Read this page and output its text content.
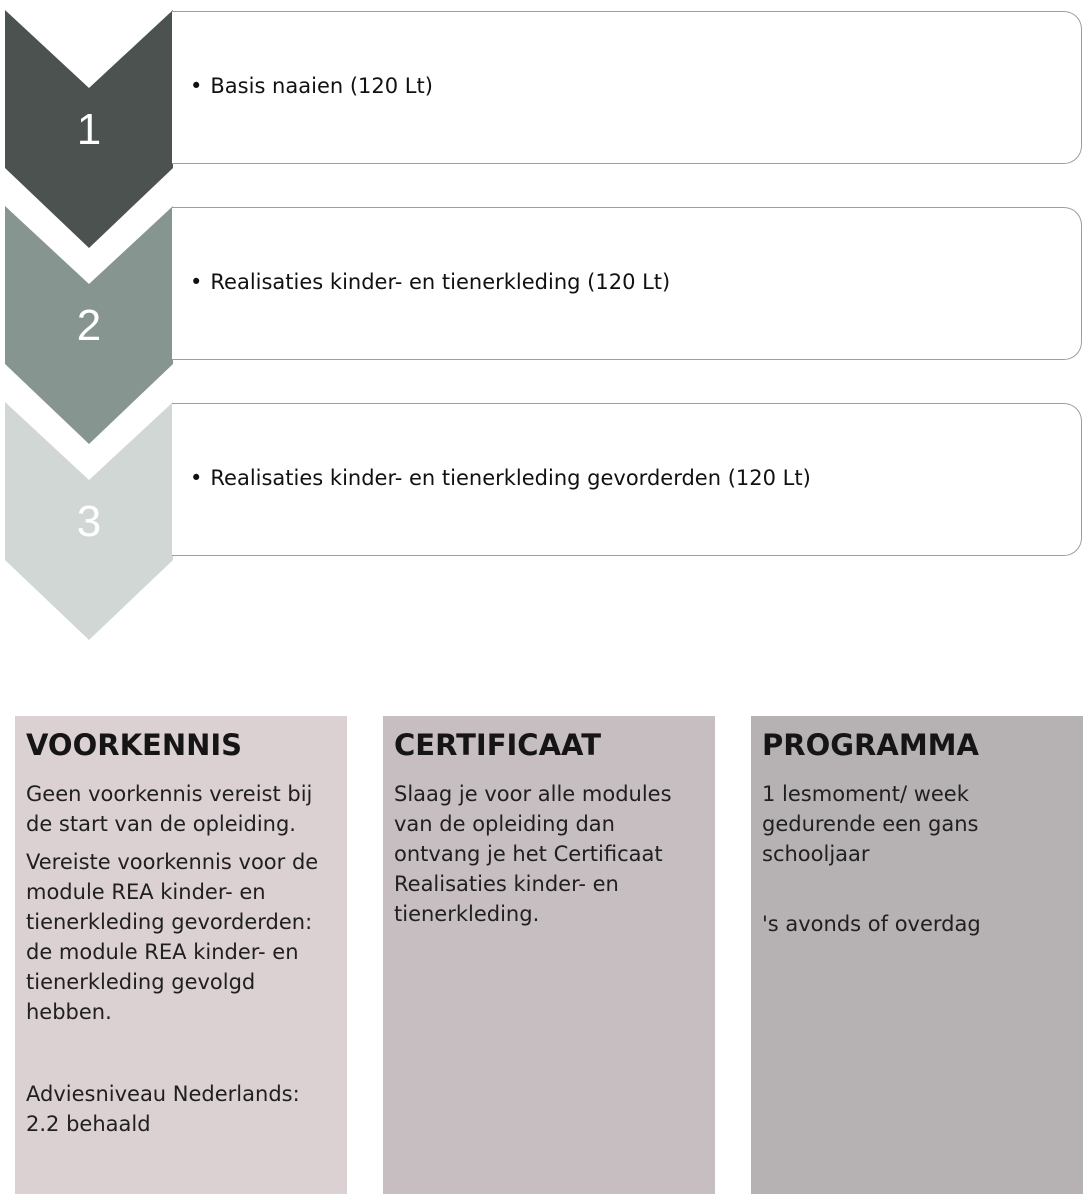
• Basis naaien (120 Lt)
• Realisaties kinder- en tienerkleding (120 Lt)
• Realisaties kinder- en tienerkleding gevorderden (120 Lt)
1
2
3
VOORKENNIS

Geen voorkennis vereist bij de start van de opleiding.

Vereiste voorkennis voor de module REA kinder- en tienerkleding gevorderden: de module REA kinder- en tienerkleding gevolgd hebben.

Adviesniveau Nederlands: 2.2 behaald

CERTIFICAAT

Slaag je voor alle modules van de opleiding dan ontvang je het Certificaat Realisaties kinder- en tienerkleding.

PROGRAMMA

1 lesmoment/ week gedurende een gans schooljaar

's avonds of overdag
